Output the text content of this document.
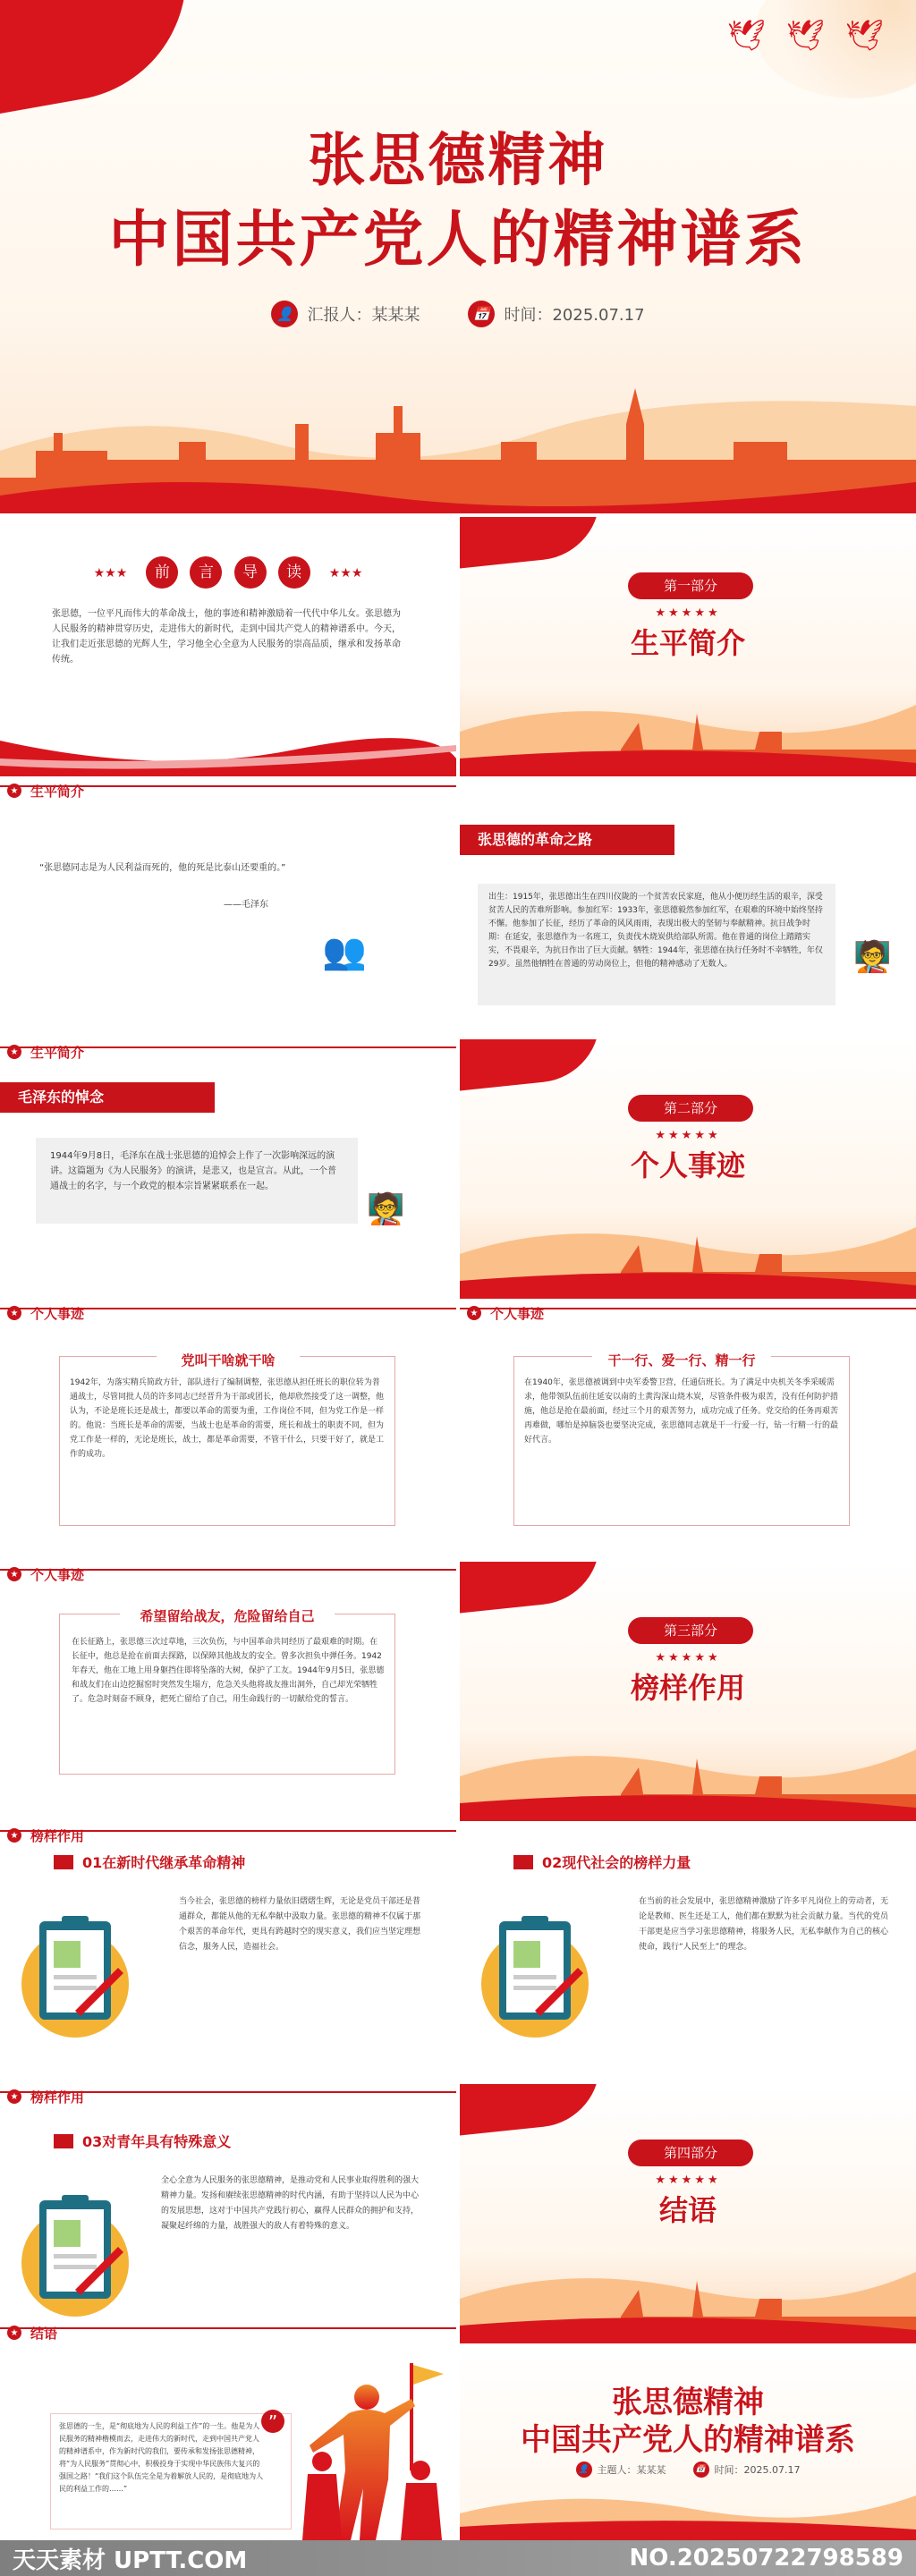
🕊 🕊 🕊
张思德精神
中国共产党人的精神谱系
👤 汇报人：某某某	📅 时间：2025.07.17
★★★ 前 言 导 读 ★★★
张思德，一位平凡而伟大的革命战士，他的事迹和精神激励着一代代中华儿女。张思德为人民服务的精神贯穿历史，走进伟大的新时代，走到中国共产党人的精神谱系中。今天，让我们走近张思德的光辉人生，学习他全心全意为人民服务的崇高品质，继承和发扬革命传统。
第一部分
★★★★★
生平简介
★ 生平简介
“张思德同志是为人民利益而死的，他的死是比泰山还要重的。”
——毛泽东
👥
张思德的革命之路
出生：1915年，张思德出生在四川仪陇的一个贫苦农民家庭，他从小便历经生活的艰辛，深受贫苦人民的苦难所影响。参加红军：1933年，张思德毅然参加红军，在艰难的环境中始终坚持不懈。他参加了长征，经历了革命的风风雨雨，表现出极大的坚韧与奉献精神。抗日战争时期：在延安，张思德作为一名班工，负责伐木烧炭供给部队所需。他在普通的岗位上踏踏实实，不畏艰辛，为抗日作出了巨大贡献。牺牲：1944年，张思德在执行任务时不幸牺牲，年仅29岁。虽然他牺牲在普通的劳动岗位上，但他的精神感动了无数人。	🧑‍🏫
★ 生平简介
毛泽东的悼念
1944年9月8日，毛泽东在战士张思德的追悼会上作了一次影响深远的演讲。这篇题为《为人民服务》的演讲，是悲又，也是宣言。从此，一个普通战士的名字，与一个政党的根本宗旨紧紧联系在一起。
🧑‍🏫
第二部分
★★★★★
个人事迹
★ 个人事迹
党叫干啥就干啥
1942年，为落实精兵简政方针，部队进行了编制调整，张思德从担任班长的职位转为普通战士，尽管同批人员的许多同志已经晋升为干部或团长，他却欣然接受了这一调整，他认为，不论是班长还是战士，都要以革命的需要为重，工作岗位不同，但为党工作是一样的。他说：当班长是革命的需要，当战士也是革命的需要，班长和战士的职责不同，但为党工作是一样的，无论是班长，战士，都是革命需要，不管干什么，只要干好了，就是工作的成功。
★ 个人事迹
干一行、爱一行、精一行
在1940年，张思德被调到中央军委警卫营，任通信班长。为了满足中央机关冬季采暖需求，他带领队伍前往延安以南的土黄沟深山烧木炭，尽管条件极为艰苦，没有任何防护措施，他总是抢在最前面，经过三个月的艰苦努力，成功完成了任务。党交给的任务再艰苦再难做，哪怕是掉脑袋也要坚决完成，张思德同志就是干一行爱一行，钻一行精一行的最好代言。
★ 个人事迹
希望留给战友，危险留给自己
在长征路上，张思德三次过草地，三次负伤，与中国革命共同经历了最艰难的时期。在长征中，他总是抢在前面去探路，以保障其他战友的安全。曾多次担负中弹任务。1942年春天，他在工地上用身躯挡住即将坠落的大树，保护了工友。1944年9月5日，张思德和战友们在山边挖掘窑时突然发生塌方，危急关头他将战友推出洞外，自己却光荣牺牲了。危急时刻奋不顾身，把死亡留给了自己，用生命践行的一切献给党的誓言。
第三部分
★★★★★
榜样作用
★ 榜样作用
01在新时代继承革命精神
当今社会，张思德的榜样力量依旧熠熠生辉，无论是党员干部还是普通群众，都能从他的无私奉献中汲取力量。张思德的精神不仅属于那个艰苦的革命年代，更具有跨越时空的现实意义，我们应当坚定理想信念，服务人民，造福社会。
02现代社会的榜样力量
在当前的社会发展中，张思德精神激励了许多平凡岗位上的劳动者，无论是教师、医生还是工人，他们都在默默为社会贡献力量。当代的党员干部更是应当学习张思德精神，将服务人民，无私奉献作为自己的核心使命，践行“人民至上”的理念。
★ 榜样作用
03对青年具有特殊意义
全心全意为人民服务的张思德精神，是推动党和人民事业取得胜利的强大精神力量。发扬和赓续张思德精神的时代内涵，有助于坚持以人民为中心的发展思想，这对于中国共产党践行初心，赢得人民群众的拥护和支持，凝聚起纤绵的力量，战胜强大的敌人有着特殊的意义。
★ 结语
第四部分
★★★★★
结语
”
张思德的一生，是“彻底地为人民的利益工作”的一生。他是为人民服务的精神楷模而去，走进伟大的新时代，走到中国共产党人的精神谱系中，作为新时代的我们，要传承和发扬张思德精神，将“为人民服务”贯彻心中，积极投身于实现中华民族伟大复兴的强国之路！“我们这个队伍完全是为着解放人民的，是彻底地为人民的利益工作的……”
张思德精神
中国共产党人的精神谱系
👤 主题人：某某某	📅 时间：2025.07.17
天天素材 UPTT.COM	NO.20250722798589
